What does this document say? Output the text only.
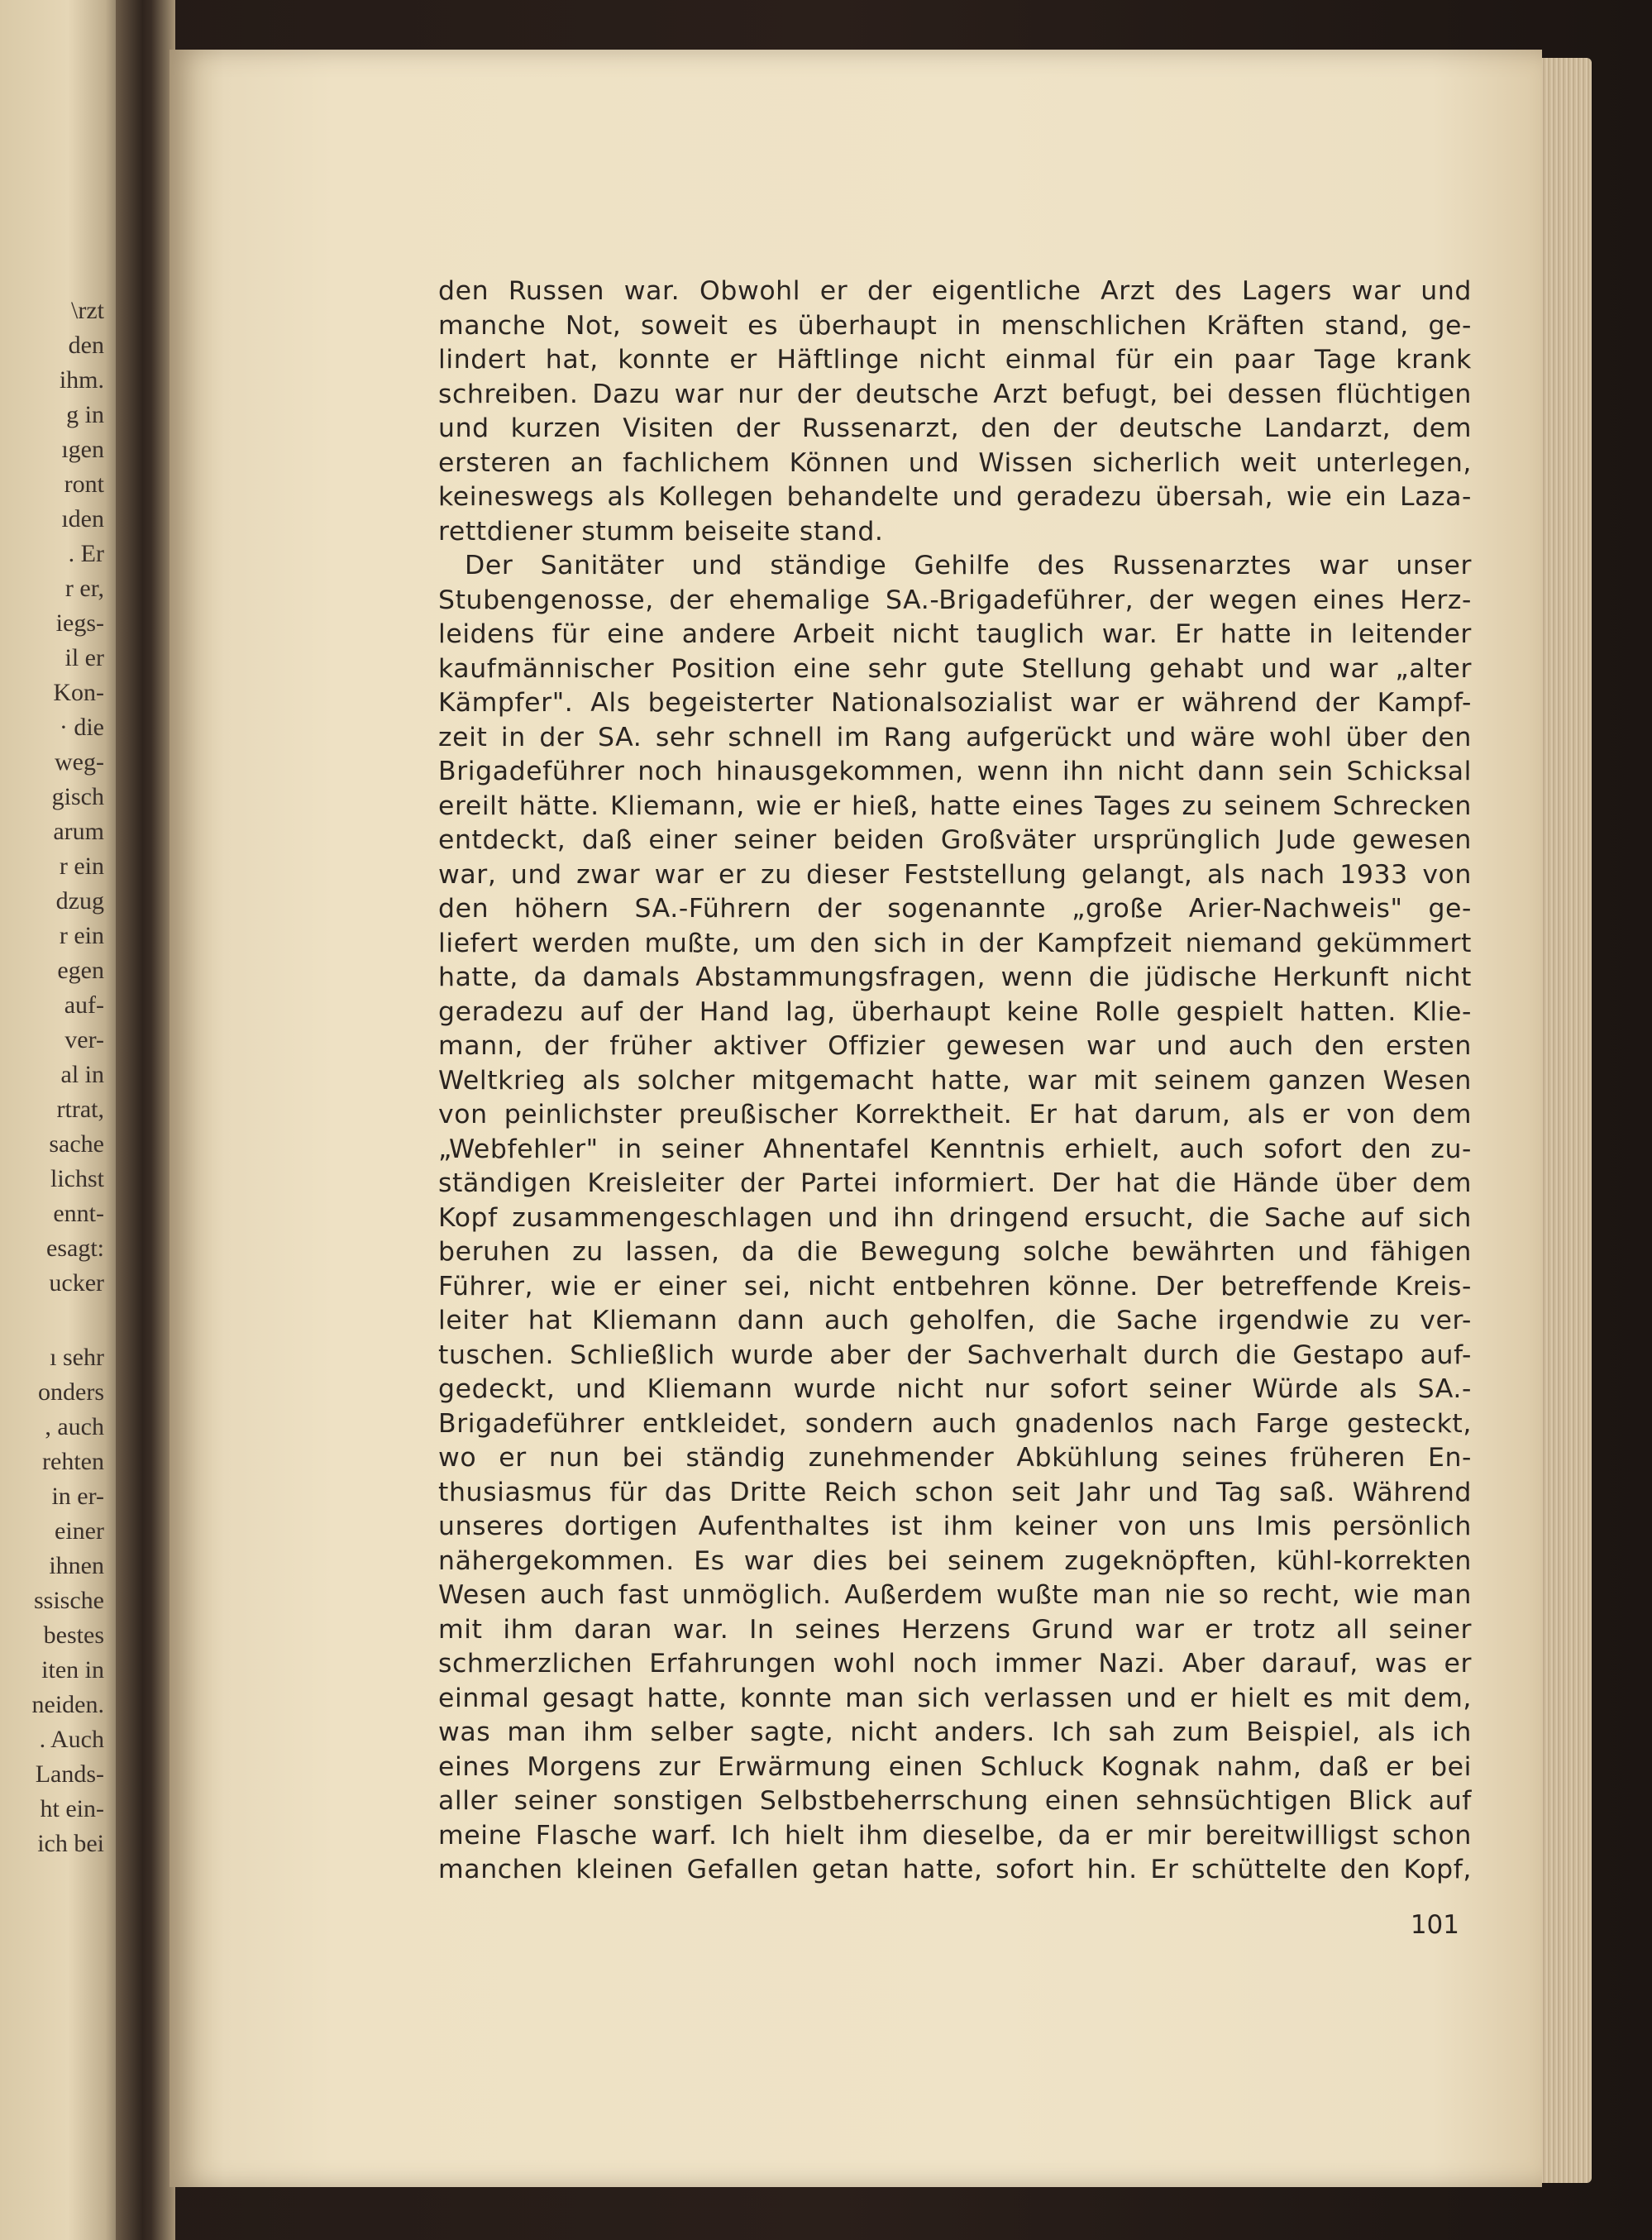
\rzt
den
ihm.
g in
ıgen
ront
ıden
. Er
r er,
iegs-
il er
Kon-
· die
weg-
gisch
arum
r ein
dzug
r ein
egen
auf-
ver-
al in
rtrat,
sache
lichst
ennt-
esagt:
ucker
ı sehr
onders
, auch
rehten
in er-
einer
ihnen
ssische
bestes
iten in
neiden.
. Auch
Lands-
ht ein-
ich bei
den Russen war. Obwohl er der eigentliche Arzt des Lagers war und
manche Not, soweit es überhaupt in menschlichen Kräften stand, ge-
lindert hat, konnte er Häftlinge nicht einmal für ein paar Tage krank
schreiben. Dazu war nur der deutsche Arzt befugt, bei dessen flüchtigen
und kurzen Visiten der Russenarzt, den der deutsche Landarzt, dem
ersteren an fachlichem Können und Wissen sicherlich weit unterlegen,
keineswegs als Kollegen behandelte und geradezu übersah, wie ein Laza-
rettdiener stumm beiseite stand.
Der Sanitäter und ständige Gehilfe des Russenarztes war unser
Stubengenosse, der ehemalige SA.-Brigadeführer, der wegen eines Herz-
leidens für eine andere Arbeit nicht tauglich war. Er hatte in leitender
kaufmännischer Position eine sehr gute Stellung gehabt und war „alter
Kämpfer". Als begeisterter Nationalsozialist war er während der Kampf-
zeit in der SA. sehr schnell im Rang aufgerückt und wäre wohl über den
Brigadeführer noch hinausgekommen, wenn ihn nicht dann sein Schicksal
ereilt hätte. Kliemann, wie er hieß, hatte eines Tages zu seinem Schrecken
entdeckt, daß einer seiner beiden Großväter ursprünglich Jude gewesen
war, und zwar war er zu dieser Feststellung gelangt, als nach 1933 von
den höhern SA.-Führern der sogenannte „große Arier-Nachweis" ge-
liefert werden mußte, um den sich in der Kampfzeit niemand gekümmert
hatte, da damals Abstammungsfragen, wenn die jüdische Herkunft nicht
geradezu auf der Hand lag, überhaupt keine Rolle gespielt hatten. Klie-
mann, der früher aktiver Offizier gewesen war und auch den ersten
Weltkrieg als solcher mitgemacht hatte, war mit seinem ganzen Wesen
von peinlichster preußischer Korrektheit. Er hat darum, als er von dem
„Webfehler" in seiner Ahnentafel Kenntnis erhielt, auch sofort den zu-
ständigen Kreisleiter der Partei informiert. Der hat die Hände über dem
Kopf zusammengeschlagen und ihn dringend ersucht, die Sache auf sich
beruhen zu lassen, da die Bewegung solche bewährten und fähigen
Führer, wie er einer sei, nicht entbehren könne. Der betreffende Kreis-
leiter hat Kliemann dann auch geholfen, die Sache irgendwie zu ver-
tuschen. Schließlich wurde aber der Sachverhalt durch die Gestapo auf-
gedeckt, und Kliemann wurde nicht nur sofort seiner Würde als SA.-
Brigadeführer entkleidet, sondern auch gnadenlos nach Farge gesteckt,
wo er nun bei ständig zunehmender Abkühlung seines früheren En-
thusiasmus für das Dritte Reich schon seit Jahr und Tag saß. Während
unseres dortigen Aufenthaltes ist ihm keiner von uns Imis persönlich
nähergekommen. Es war dies bei seinem zugeknöpften, kühl-korrekten
Wesen auch fast unmöglich. Außerdem wußte man nie so recht, wie man
mit ihm daran war. In seines Herzens Grund war er trotz all seiner
schmerzlichen Erfahrungen wohl noch immer Nazi. Aber darauf, was er
einmal gesagt hatte, konnte man sich verlassen und er hielt es mit dem,
was man ihm selber sagte, nicht anders. Ich sah zum Beispiel, als ich
eines Morgens zur Erwärmung einen Schluck Kognak nahm, daß er bei
aller seiner sonstigen Selbstbeherrschung einen sehnsüchtigen Blick auf
meine Flasche warf. Ich hielt ihm dieselbe, da er mir bereitwilligst schon
manchen kleinen Gefallen getan hatte, sofort hin. Er schüttelte den Kopf,
101
